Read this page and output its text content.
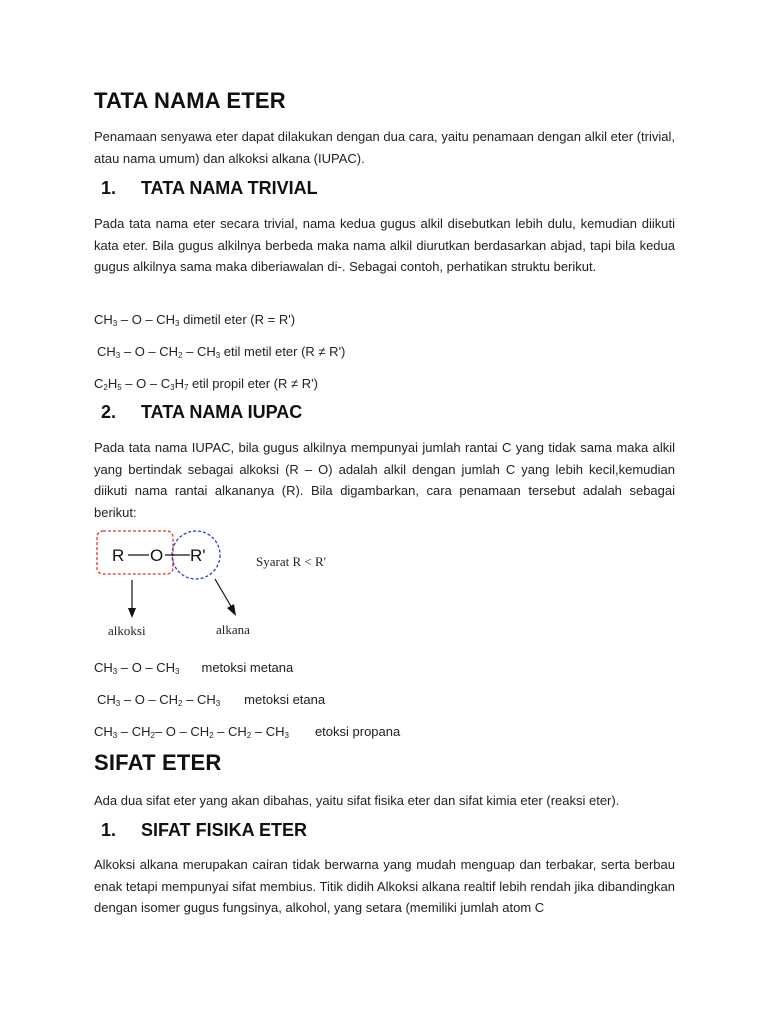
TATA NAMA ETER

Penamaan senyawa eter dapat dilakukan dengan dua cara, yaitu penamaan dengan alkil eter (trivial, atau nama umum) dan alkoksi alkana (IUPAC).

1. TATA NAMA TRIVIAL

Pada tata nama eter secara trivial, nama kedua gugus alkil disebutkan lebih dulu, kemudian diikuti kata eter. Bila gugus alkilnya berbeda maka nama alkil diurutkan berdasarkan abjad, tapi bila kedua gugus alkilnya sama maka diberiawalan di-. Sebagai contoh, perhatikan struktu berikut.

$CH_3$ – O – $CH_3$ dimetil eter (R = R')
$CH_3$ – O – $CH_2 - CH_3$ etil metil eter (R ≠ R')
$C_2H_5$ – O – $C_3H_7$ etil propil eter (R ≠ R')
2. TATA NAMA IUPAC

Pada tata nama IUPAC, bila gugus alkilnya mempunyai jumlah rantai C yang tidak sama maka alkil yang bertindak sebagai alkoksi (R – O) adalah alkil dengan jumlah C yang lebih kecil,kemudian diikuti nama rantai alkananya (R). Bila digambarkan, cara penamaan tersebut adalah sebagai berikut:

R O R'	Syarat R < R'
alkoksi	alkana
$CH_3$ – O – $CH_3$ metoksi metana
$CH_3$ – O – $CH_2 - CH_3$ metoksi etana
$CH_3 - CH_2-$ O – $CH_2 - CH_2 - CH_3$ etoksi propana
SIFAT ETER

Ada dua sifat eter yang akan dibahas, yaitu sifat fisika eter dan sifat kimia eter (reaksi eter).

1. SIFAT FISIKA ETER

Alkoksi alkana merupakan cairan tidak berwarna yang mudah menguap dan terbakar, serta berbau enak tetapi mempunyai sifat membius. Titik didih Alkoksi alkana realtif lebih rendah jika dibandingkan dengan isomer gugus fungsinya, alkohol, yang setara (memiliki jumlah atom C
